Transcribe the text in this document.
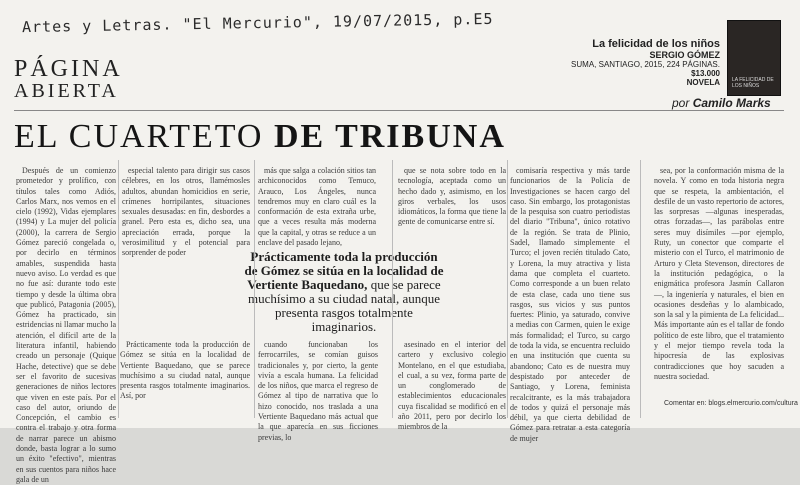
Artes y Letras. "El Mercurio", 19/07/2015, p.E5
PÁGINA
ABIERTA
La felicidad de los niños
SERGIO GÓMEZ
SUMA, SANTIAGO, 2015, 224 PÁGINAS.
$13.000
NOVELA LA FELICIDAD DE LOS NIÑOS
por Camilo Marks
EL CUARTETO DE TRIBUNA

Después de un comienzo prometedor y prolífico, con títulos tales como Adiós, Carlos Marx, nos vemos en el cielo (1992), Vidas ejemplares (1994) y La mujer del policía (2000), la carrera de Sergio Gómez pareció congelada o, por decirlo en términos amables, suspendida hasta nuevo aviso. Lo verdad es que no fue así: durante todo este tiempo y desde la última obra que publicó, Patagonia (2005), Gómez ha practicado, sin estridencias ni llamar mucho la atención, el difícil arte de la literatura infantil, habiendo creado un personaje (Quique Hache, detective) que se debe ser el favorito de sucesivas generaciones de niños lectores que viven en este país. Por el caso del autor, oriundo de Concepción, el cambio es contra el trabajo y otra forma de narrar parece un abismo donde, basta lograr a lo sumo un éxito "efectivo", mientras en sus cuentos para niños hace gala de un

especial talento para dirigir sus casos célebres, en los otros, llamémosles adultos, abundan homicidios en serie, crímenes horripilantes, situaciones sexuales desusadas: en fin, desbordes a granel. Pero esta es, dicho sea, una apreciación errada, porque la verosimilitud y el potencial para sorprender de poder

Prácticamente toda la producción de Gómez se sitúa en la localidad de Vertiente Baquedano, que se parece muchísimo a su ciudad natal, aunque presenta rasgos totalmente imaginarios. Así, por

más que salga a colación sitios tan archiconocidos como Temuco, Arauco, Los Ángeles, nunca tendremos muy en claro cuál es la conformación de esta extraña urbe, que a veces resulta más moderna que la capital, y otras se reduce a un enclave del pasado lejano,

cuando funcionaban los ferrocarriles, se comían guisos tradicionales y, por cierto, la gente vivía a escala humana. La felicidad de los niños, que marca el regreso de Gómez al tipo de narrativa que lo hizo conocido, nos traslada a una Vertiente Baquedano más actual que la que aparecía en sus ficciones previas, lo

que se nota sobre todo en la tecnología, aceptada como un hecho dado y, asimismo, en los giros verbales, los usos idiomáticos, la forma que tiene la gente de comunicarse entre sí.

asesinado en el interior del cartero y exclusivo colegio Montelano, en el que estudiaba, el cual, a su vez, forma parte de un conglomerado de establecimientos educacionales cuya fiscalidad se modificó en el año 2011, pero por decirlo los miembros de la

comisaría respectiva y más tarde funcionarios de la Policía de Investigaciones se hacen cargo del caso. Sin embargo, los protagonistas de la pesquisa son cuatro periodistas del diario "Tribuna", único rotativo de la región. Se trata de Plinio, Sadel, llamado simplemente el Turco; el joven recién titulado Cato, y Lorena, la muy atractiva y lista dama que completa el cuarteto. Como corresponde a un buen relato de esta clase, cada uno tiene sus rasgos, sus vicios y sus puntos fuertes: Plinio, ya saturado, convive a medias con Carmen, quien le exige más formalidad; el Turco, su cargo de toda la vida, se encuentra recluido en una institución que cuenta su abandono; Cato es de nuestra muy despistado por anteceder de Santiago, y Lorena, feminista recalcitrante, es la más trabajadora de todos y quizá el personaje más débil, ya que cierta debilidad de Gómez para retratar a esta categoría de mujer

sea, por la conformación misma de la novela. Y como en toda historia negra que se respeta, la ambientación, el desfile de un vasto repertorio de actores, las sorpresas —algunas inesperadas, otras forzadas—, las parábolas entre seres muy disímiles —por ejemplo, Ruty, un conector que comparte el misterio con el Turco, el matrimonio de Arturo y Cleta Stevenson, directores de la institución pedagógica, o la enigmática profesora Jasmín Callaron—, la ingeniería y naturales, el bien en ocasiones desdeñas y lo alambicado, son la sal y la pimienta de La felicidad... Más importante aún es el tallar de fondo político de este libro, que el tratamiento y el mejor tiempo revela toda la hipocresía de las explosivas contradicciones que hoy sacuden a nuestra sociedad.

Prácticamente toda la producción de Gómez se sitúa en la localidad de Vertiente Baquedano, que se parece muchísimo a su ciudad natal, aunque presenta rasgos totalmente imaginarios.
Comentar en: blogs.elmercurio.com/cultura
